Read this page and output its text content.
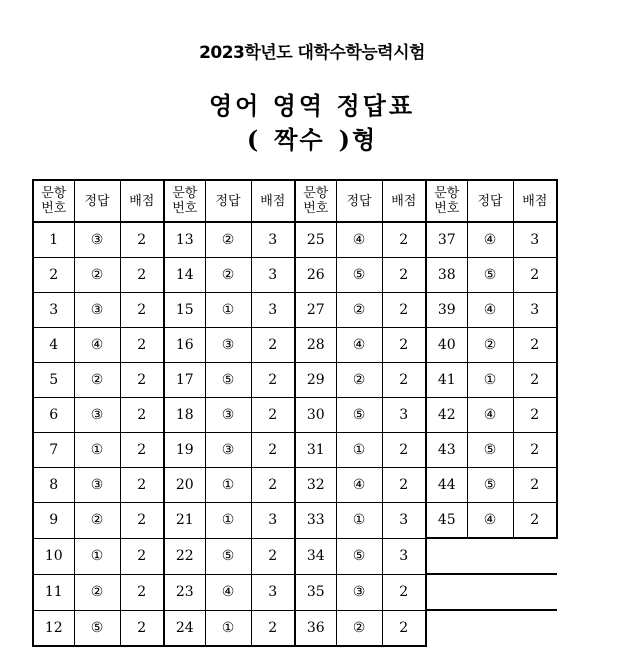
2023학년도 대학수학능력시험
영어 영역 정답표
( 짝수 )형
문항
번호	정답	배점	문항
번호	정답	배점	문항
번호	정답	배점	문항
번호	정답	배점
1	③	2	13	②	3	25	④	2	37	④	3
2	②	2	14	②	3	26	⑤	2	38	⑤	2
3	③	2	15	①	3	27	②	2	39	④	3
4	④	2	16	③	2	28	④	2	40	②	2
5	②	2	17	⑤	2	29	②	2	41	①	2
6	③	2	18	③	2	30	⑤	3	42	④	2
7	①	2	19	③	2	31	①	2	43	⑤	2
8	③	2	20	①	2	32	④	2	44	⑤	2
9	②	2	21	①	3	33	①	3	45	④	2
10	①	2	22	⑤	2	34	⑤	3			
11	②	2	23	④	3	35	③	2			
12	⑤	2	24	①	2	36	②	2			
